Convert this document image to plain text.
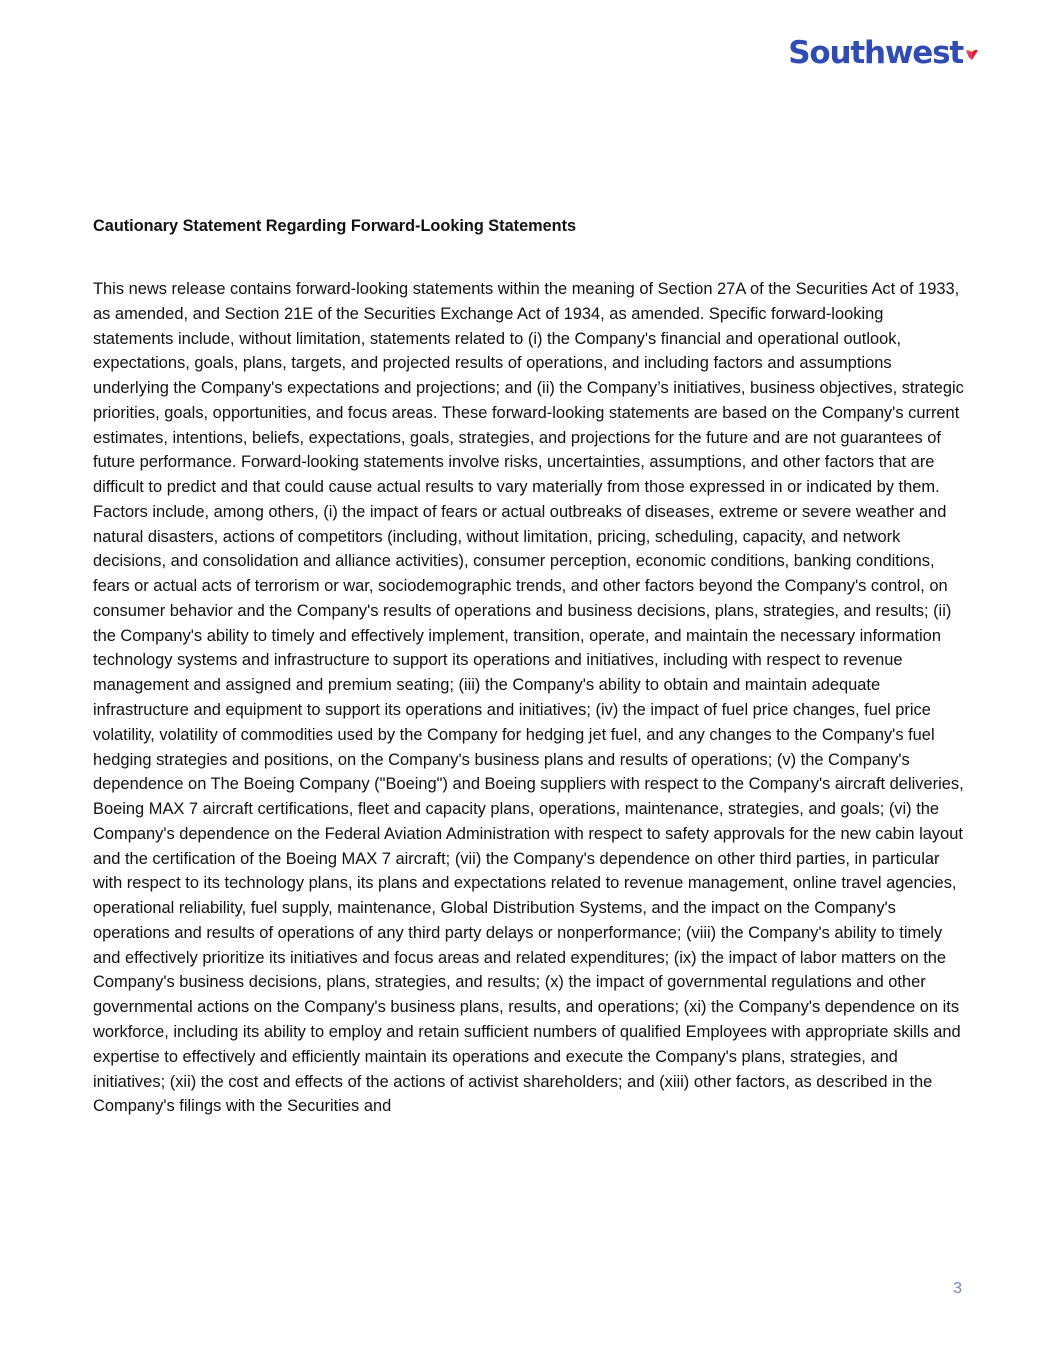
Southwest
Cautionary Statement Regarding Forward-Looking Statements

This news release contains forward-looking statements within the meaning of Section 27A of the Securities Act of 1933, as amended, and Section 21E of the Securities Exchange Act of 1934, as amended. Specific forward-looking statements include, without limitation, statements related to (i) the Company's financial and operational outlook, expectations, goals, plans, targets, and projected results of operations, and including factors and assumptions underlying the Company's expectations and projections; and (ii) the Company’s initiatives, business objectives, strategic priorities, goals, opportunities, and focus areas. These forward-looking statements are based on the Company's current estimates, intentions, beliefs, expectations, goals, strategies, and projections for the future and are not guarantees of future performance. Forward-looking statements involve risks, uncertainties, assumptions, and other factors that are difficult to predict and that could cause actual results to vary materially from those expressed in or indicated by them. Factors include, among others, (i) the impact of fears or actual outbreaks of diseases, extreme or severe weather and natural disasters, actions of competitors (including, without limitation, pricing, scheduling, capacity, and network decisions, and consolidation and alliance activities), consumer perception, economic conditions, banking conditions, fears or actual acts of terrorism or war, sociodemographic trends, and other factors beyond the Company's control, on consumer behavior and the Company's results of operations and business decisions, plans, strategies, and results; (ii) the Company's ability to timely and effectively implement, transition, operate, and maintain the necessary information technology systems and infrastructure to support its operations and initiatives, including with respect to revenue management and assigned and premium seating; (iii) the Company's ability to obtain and maintain adequate infrastructure and equipment to support its operations and initiatives; (iv) the impact of fuel price changes, fuel price volatility, volatility of commodities used by the Company for hedging jet fuel, and any changes to the Company's fuel hedging strategies and positions, on the Company's business plans and results of operations; (v) the Company's dependence on The Boeing Company ("Boeing") and Boeing suppliers with respect to the Company's aircraft deliveries, Boeing MAX 7 aircraft certifications, fleet and capacity plans, operations, maintenance, strategies, and goals; (vi) the Company's dependence on the Federal Aviation Administration with respect to safety approvals for the new cabin layout and the certification of the Boeing MAX 7 aircraft; (vii) the Company's dependence on other third parties, in particular with respect to its technology plans, its plans and expectations related to revenue management, online travel agencies, operational reliability, fuel supply, maintenance, Global Distribution Systems, and the impact on the Company's operations and results of operations of any third party delays or nonperformance; (viii) the Company's ability to timely and effectively prioritize its initiatives and focus areas and related expenditures; (ix) the impact of labor matters on the Company's business decisions, plans, strategies, and results; (x) the impact of governmental regulations and other governmental actions on the Company's business plans, results, and operations; (xi) the Company's dependence on its workforce, including its ability to employ and retain sufficient numbers of qualified Employees with appropriate skills and expertise to effectively and efficiently maintain its operations and execute the Company's plans, strategies, and initiatives; (xii) the cost and effects of the actions of activist shareholders; and (xiii) other factors, as described in the Company's filings with the Securities and

3
